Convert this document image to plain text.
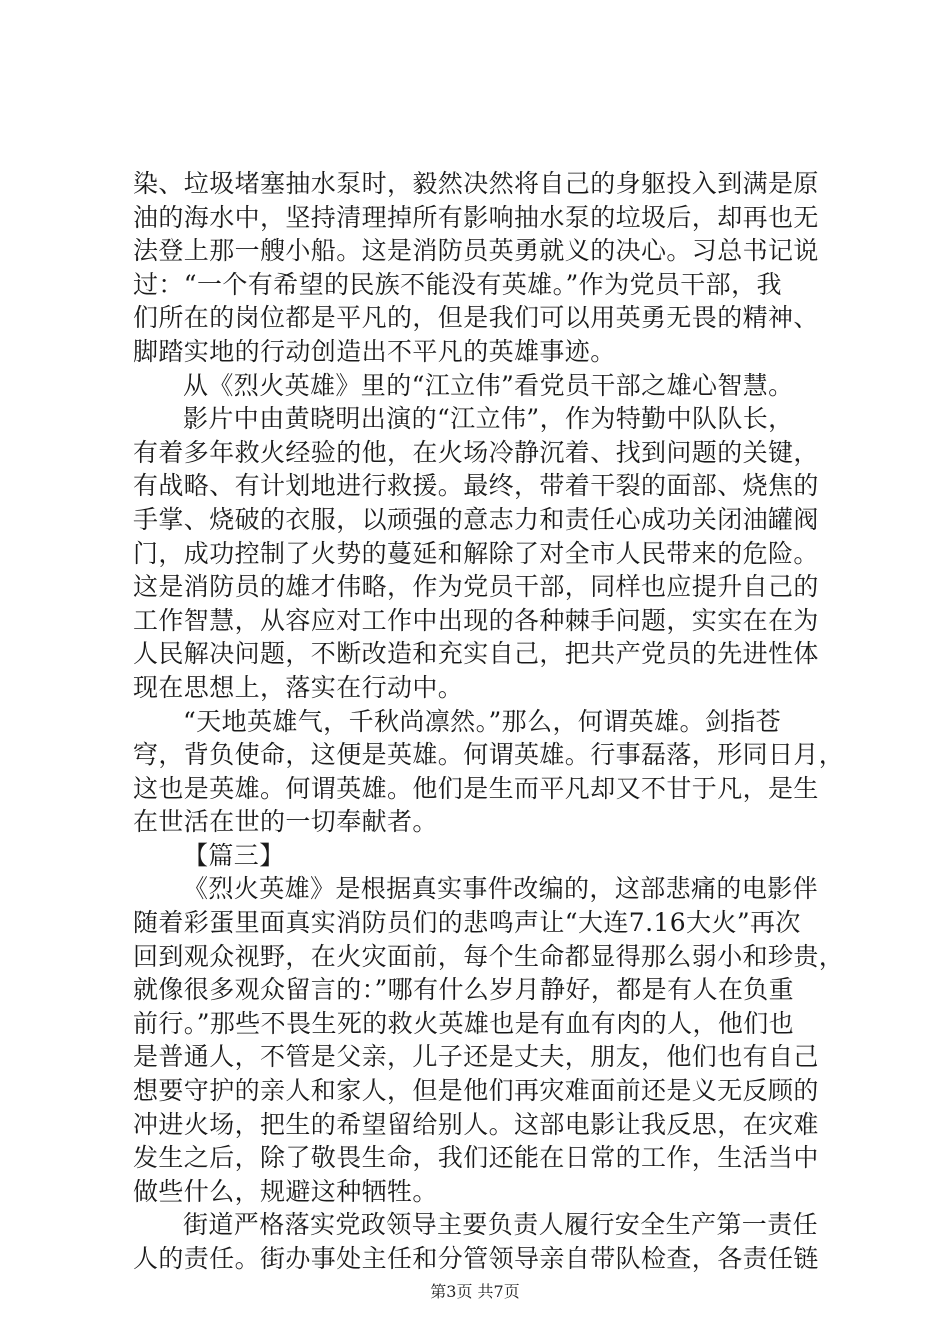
染、垃圾堵塞抽水泵时，毅然决然将自己的身躯投入到满是原

油的海水中，坚持清理掉所有影响抽水泵的垃圾后，却再也无

法登上那一艘小船。这是消防员英勇就义的决心。习总书记说

过：“一个有希望的民族不能没有英雄。”作为党员干部，我

们所在的岗位都是平凡的，但是我们可以用英勇无畏的精神、

脚踏实地的行动创造出不平凡的英雄事迹。

从《烈火英雄》里的“江立伟”看党员干部之雄心智慧。

影片中由黄晓明出演的“江立伟”，作为特勤中队队长，

有着多年救火经验的他，在火场冷静沉着、找到问题的关键，

有战略、有计划地进行救援。最终，带着干裂的面部、烧焦的

手掌、烧破的衣服，以顽强的意志力和责任心成功关闭油罐阀

门，成功控制了火势的蔓延和解除了对全市人民带来的危险。

这是消防员的雄才伟略，作为党员干部，同样也应提升自己的

工作智慧，从容应对工作中出现的各种棘手问题，实实在在为

人民解决问题，不断改造和充实自己，把共产党员的先进性体

现在思想上，落实在行动中。

“天地英雄气，千秋尚凛然。”那么，何谓英雄。剑指苍

穹，背负使命，这便是英雄。何谓英雄。行事磊落，形同日月，

这也是英雄。何谓英雄。他们是生而平凡却又不甘于凡，是生

在世活在世的一切奉献者。

【篇三】

《烈火英雄》是根据真实事件改编的，这部悲痛的电影伴

随着彩蛋里面真实消防员们的悲鸣声让“大连7.16大火”再次

回到观众视野，在火灾面前，每个生命都显得那么弱小和珍贵，

就像很多观众留言的：”哪有什么岁月静好，都是有人在负重

前行。”那些不畏生死的救火英雄也是有血有肉的人，他们也

是普通人，不管是父亲，儿子还是丈夫，朋友，他们也有自己

想要守护的亲人和家人，但是他们再灾难面前还是义无反顾的

冲进火场，把生的希望留给别人。这部电影让我反思，在灾难

发生之后，除了敬畏生命，我们还能在日常的工作，生活当中

做些什么，规避这种牺牲。

街道严格落实党政领导主要负责人履行安全生产第一责任

人的责任。街办事处主任和分管领导亲自带队检查，各责任链

第3页 共7页
